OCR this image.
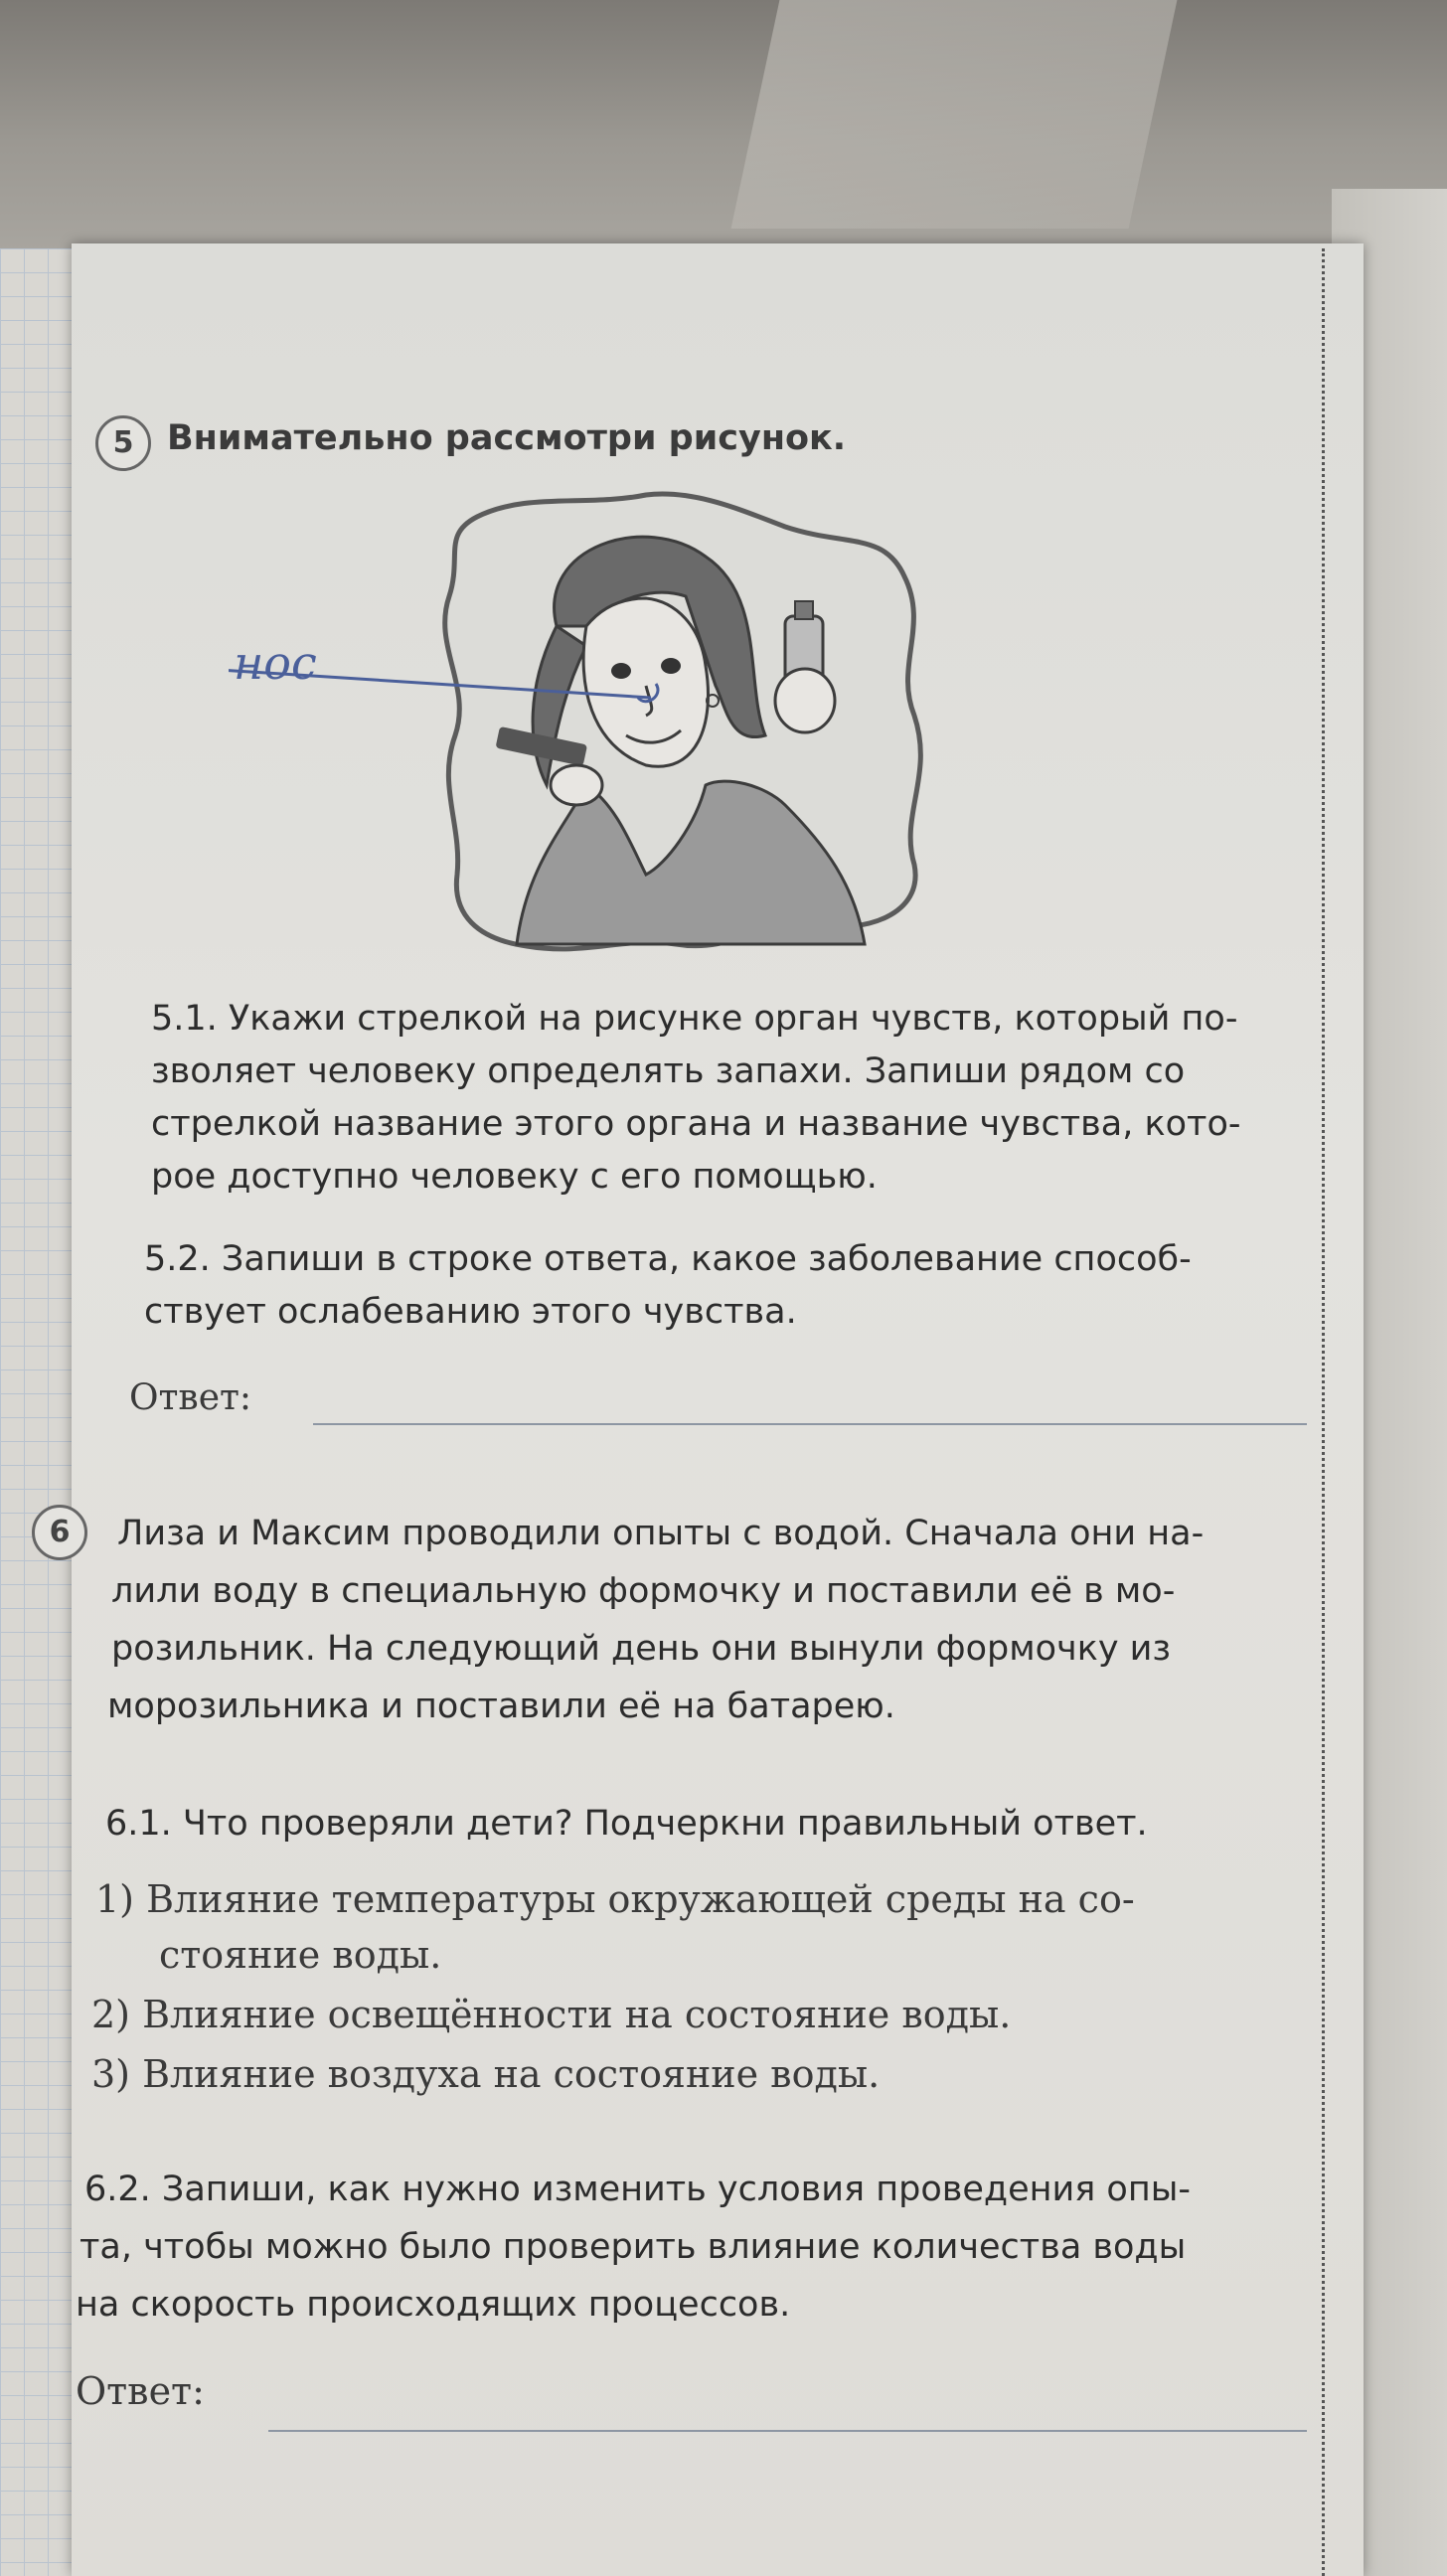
5 Внимательно рассмотри рисунок.
нос
5.1. Укажи стрелкой на рисунке орган чувств, который по-
зволяет человеку определять запахи. Запиши рядом со
стрелкой название этого органа и название чувства, кото-
рое доступно человеку с его помощью.
5.2. Запиши в строке ответа, какое заболевание способ-
ствует ослабеванию этого чувства.
Ответ:
6	Лиза и Максим проводили опыты с водой. Сначала они на-
лили воду в специальную формочку и поставили её в мо-
розильник. На следующий день они вынули формочку из
морозильника и поставили её на батарею.
6.1. Что проверяли дети? Подчеркни правильный ответ.
1) Влияние температуры окружающей среды на со-
стояние воды.
2) Влияние освещённости на состояние воды.
3) Влияние воздуха на состояние воды.
6.2. Запиши, как нужно изменить условия проведения опы-
та, чтобы можно было проверить влияние количества воды
на скорость происходящих процессов.
Ответ:
